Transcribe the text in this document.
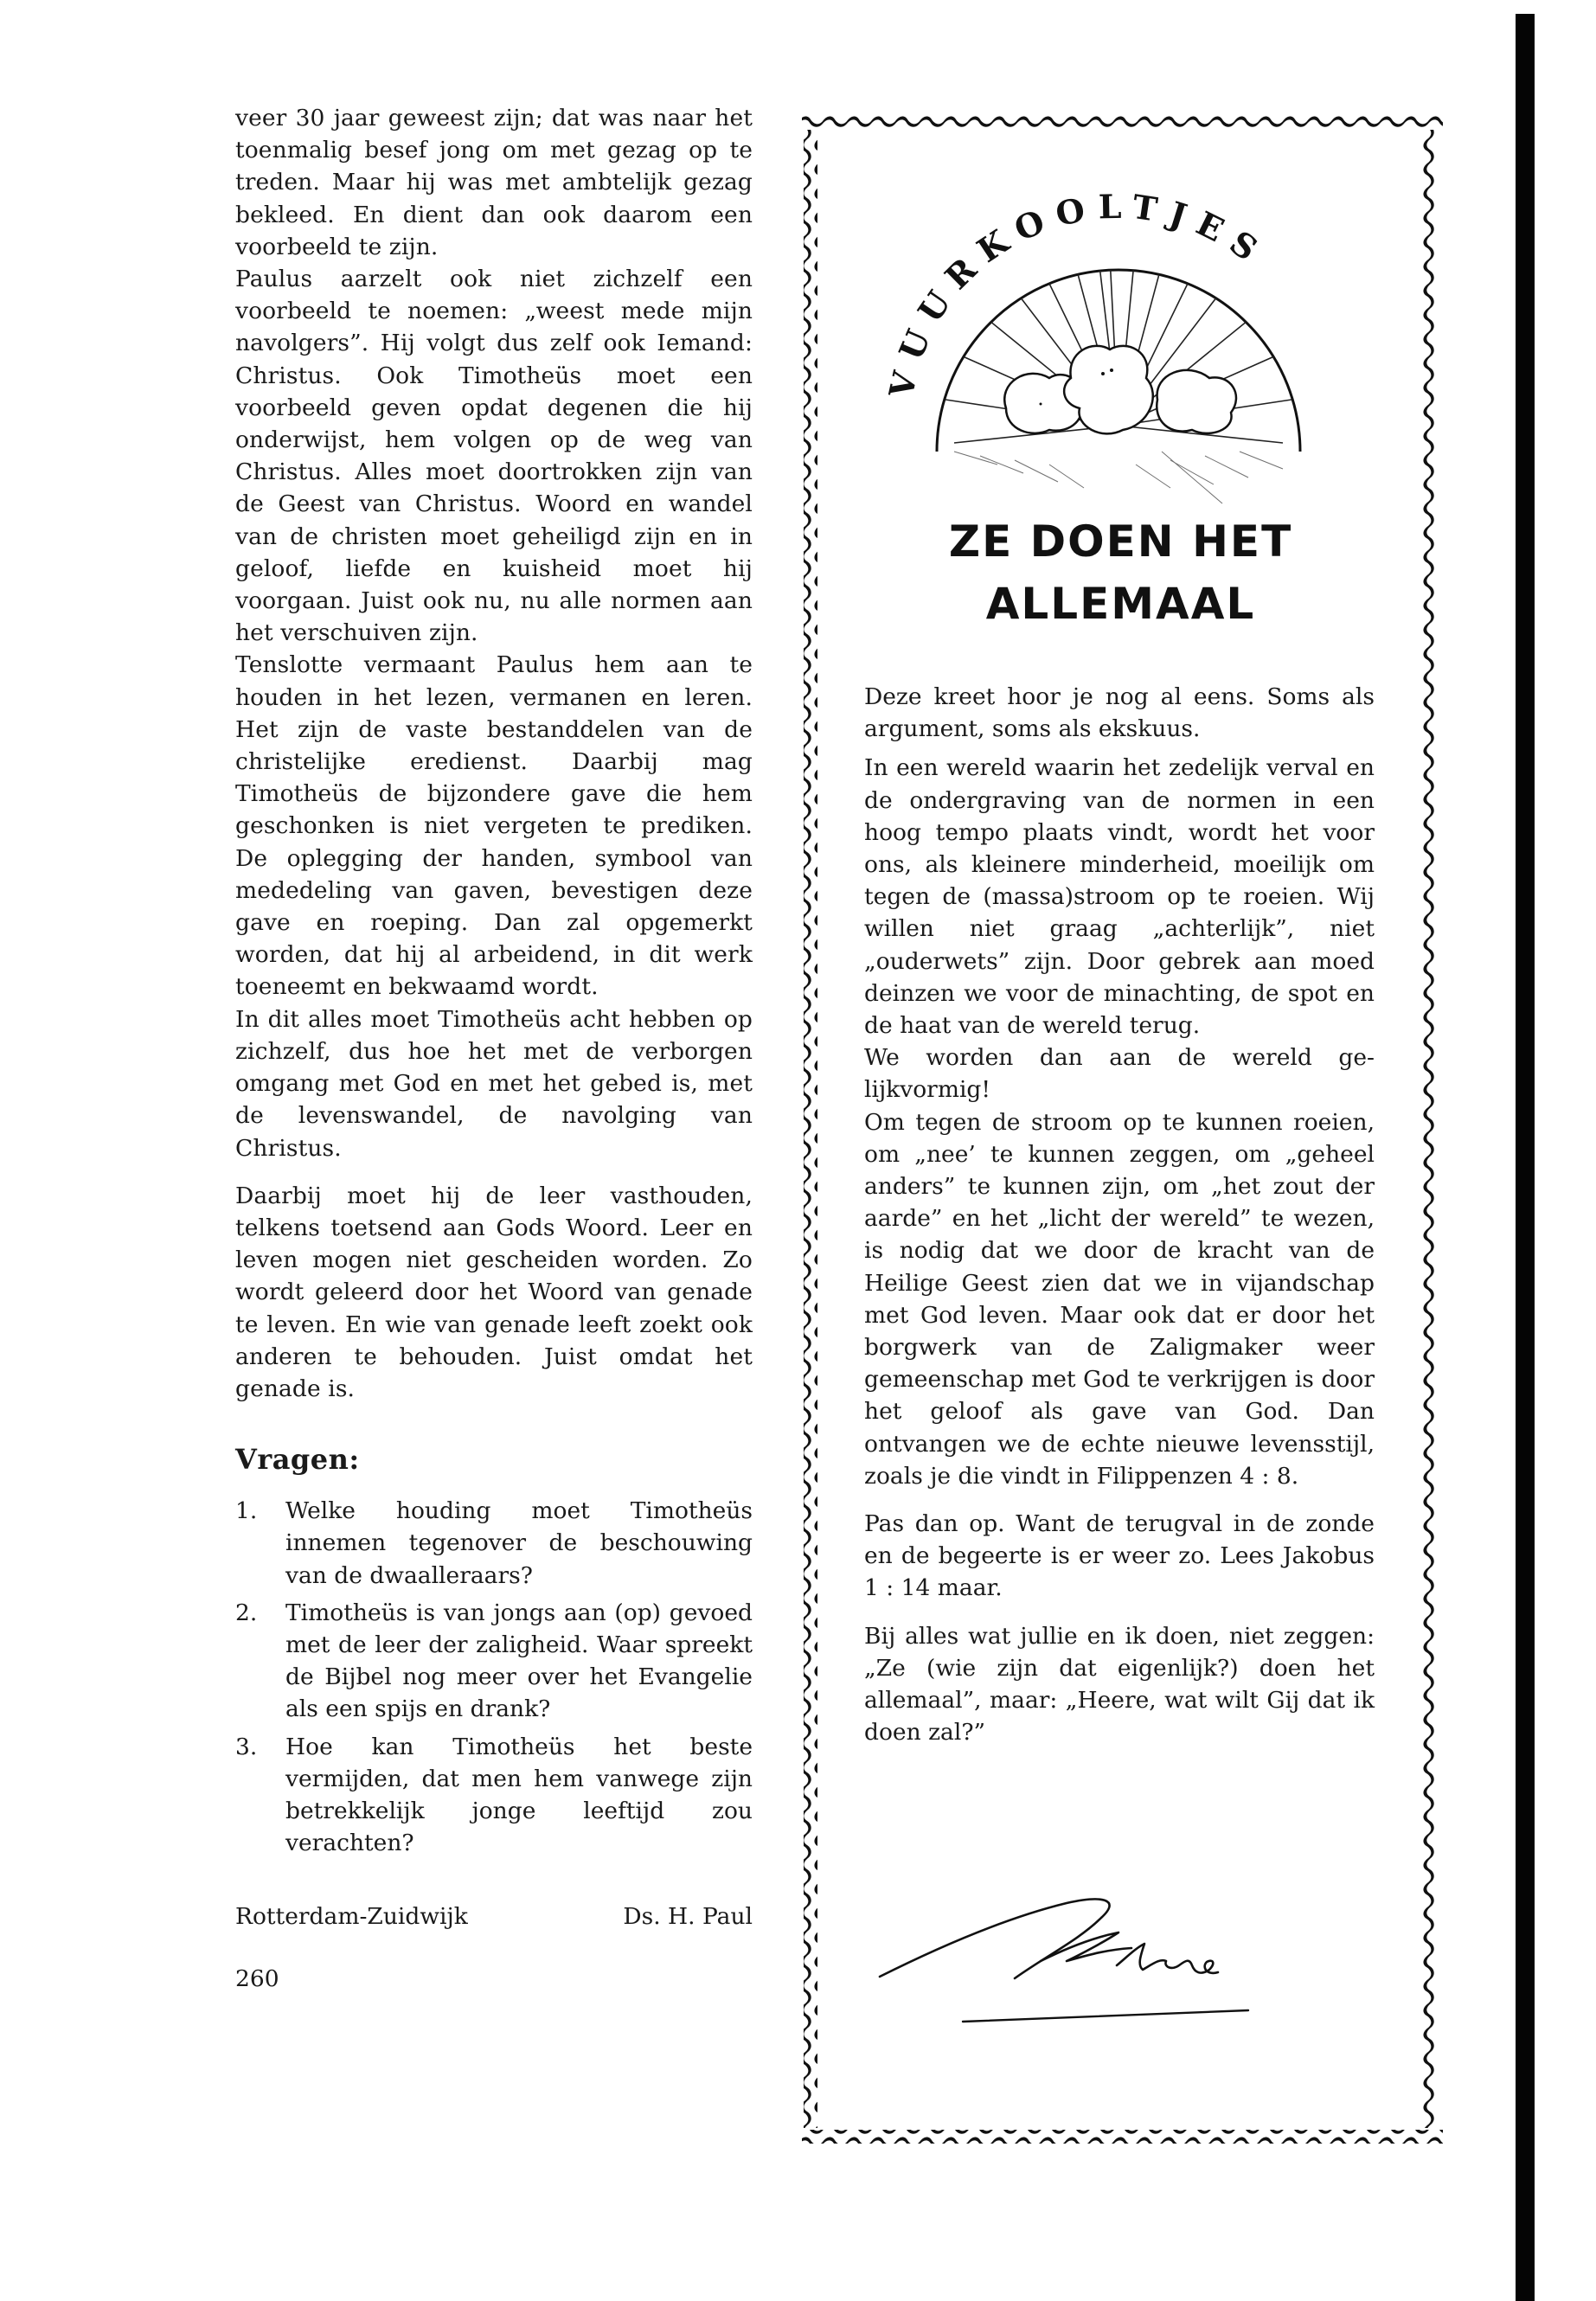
veer 30 jaar geweest zijn; dat was naar het toenmalig besef jong om met gezag op te treden. Maar hij was met ambtelijk gezag bekleed. En dient dan ook daarom een voorbeeld te zijn.

Paulus aarzelt ook niet zichzelf een voorbeeld te noemen: „weest mede mijn navolgers”. Hij volgt dus zelf ook Iemand: Christus. Ook Timotheüs moet een voorbeeld geven opdat degenen die hij onderwijst, hem volgen op de weg van Christus. Alles moet doortrokken zijn van de Geest van Christus. Woord en wandel van de christen moet geheiligd zijn en in geloof, liefde en kuisheid moet hij voorgaan. Juist ook nu, nu alle normen aan het verschuiven zijn.

Tenslotte vermaant Paulus hem aan te houden in het lezen, vermanen en leren. Het zijn de vaste bestanddelen van de christelijke eredienst. Daarbij mag Timotheüs de bijzondere gave die hem geschonken is niet vergeten te prediken. De oplegging der handen, symbool van mededeling van gaven, bevestigen deze gave en roeping. Dan zal opgemerkt worden, dat hij al arbeidend, in dit werk toeneemt en bekwaamd wordt.

In dit alles moet Timotheüs acht hebben op zichzelf, dus hoe het met de verborgen omgang met God en met het gebed is, met de levenswandel, de navolging van Christus.

Daarbij moet hij de leer vasthouden, telkens toetsend aan Gods Woord. Leer en leven mogen niet gescheiden worden. Zo wordt geleerd door het Woord van genade te leven. En wie van genade leeft zoekt ook anderen te behouden. Juist omdat het genade is.

Vragen:
1.	Welke houding moet Timotheüs innemen tegenover de beschouwing van de dwaalleraars?
2.	Timotheüs is van jongs aan (op) gevoed met de leer der zaligheid. Waar spreekt de Bijbel nog meer over het Evangelie als een spijs en drank?
3.	Hoe kan Timotheüs het beste vermijden, dat men hem vanwege zijn betrekkelijk jonge leeftijd zou verachten?
Rotterdam-Zuidwijk	Ds. H. Paul
260
VUURKOOLTJES
ZE DOEN HET
ALLEMAAL

Deze kreet hoor je nog al eens. Soms als argument, soms als ekskuus.

In een wereld waarin het zedelijk verval en de ondergraving van de normen in een hoog tempo plaats vindt, wordt het voor ons, als kleinere minderheid, moeilijk om tegen de (massa)stroom op te roeien. Wij willen niet graag „achterlijk”, niet „ouderwets” zijn. Door gebrek aan moed deinzen we voor de minachting, de spot en de haat van de wereld terug.

We worden dan aan de wereld gelijkvormig!

Om tegen de stroom op te kunnen roeien, om „nee’ te kunnen zeggen, om „geheel anders” te kunnen zijn, om „het zout der aarde” en het „licht der wereld” te wezen, is nodig dat we door de kracht van de Heilige Geest zien dat we in vijandschap met God leven. Maar ook dat er door het borgwerk van de Zaligmaker weer gemeenschap met God te verkrijgen is door het geloof als gave van God. Dan ontvangen we de echte nieuwe levensstijl, zoals je die vindt in Filippenzen 4 : 8.

Pas dan op. Want de terugval in de zonde en de begeerte is er weer zo. Lees Jakobus 1 : 14 maar.

Bij alles wat jullie en ik doen, niet zeggen: „Ze (wie zijn dat eigenlijk?) doen het allemaal”, maar: „Heere, wat wilt Gij dat ik doen zal?”
